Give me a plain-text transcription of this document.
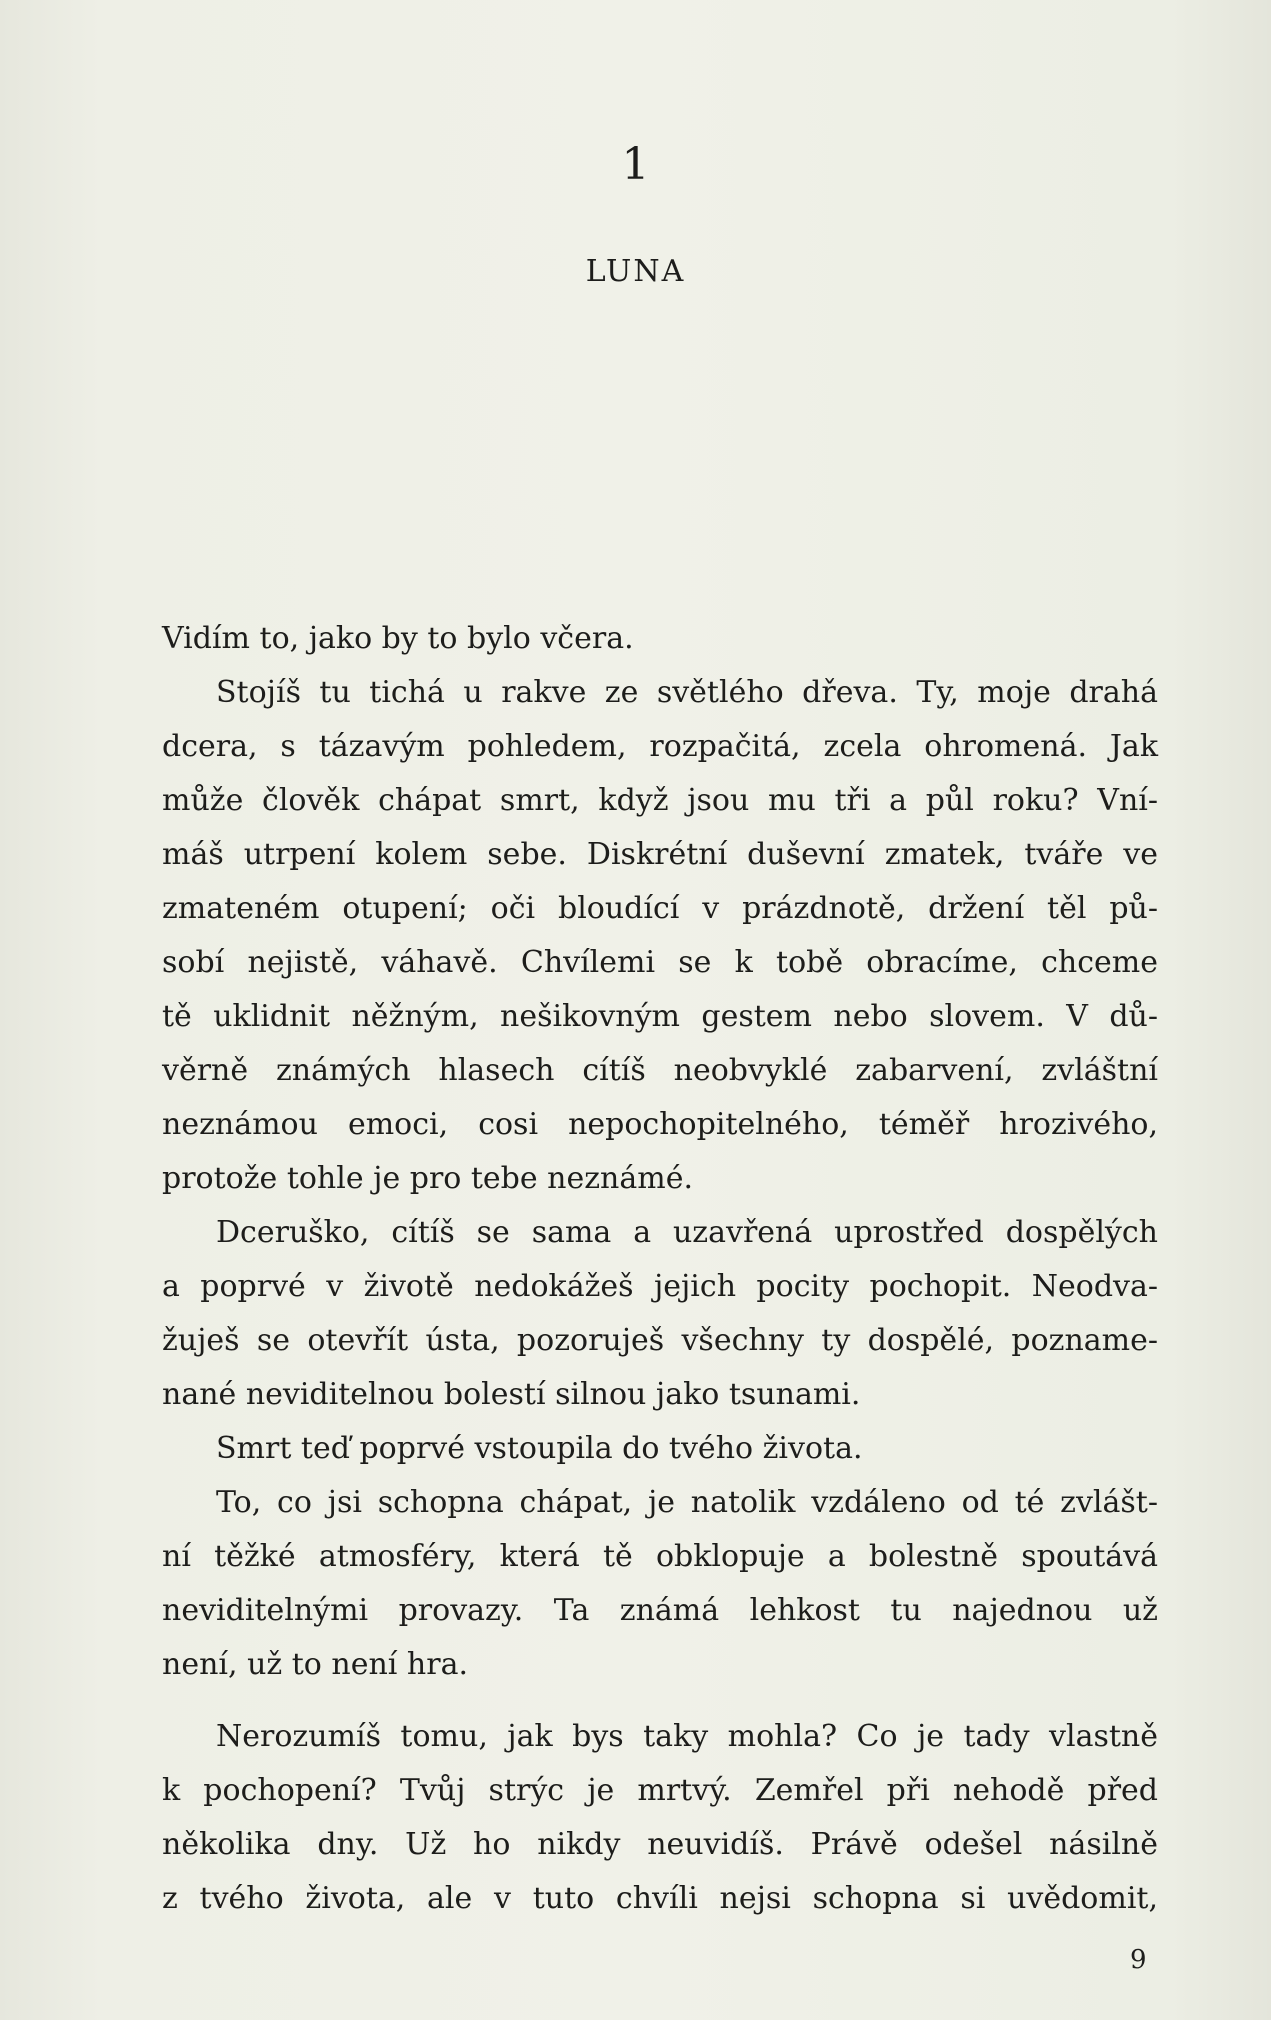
1
LUNA
Vidím to, jako by to bylo včera.
Stojíš tu tichá u rakve ze světlého dřeva. Ty, moje drahá
dcera, s tázavým pohledem, rozpačitá, zcela ohromená. Jak
může člověk chápat smrt, když jsou mu tři a půl roku? Vní-
máš utrpení kolem sebe. Diskrétní duševní zmatek, tváře ve
zmateném otupení; oči bloudící v prázdnotě, držení těl pů-
sobí nejistě, váhavě. Chvílemi se k tobě obracíme, chceme
tě uklidnit něžným, nešikovným gestem nebo slovem. V dů-
věrně známých hlasech cítíš neobvyklé zabarvení, zvláštní
neznámou emoci, cosi nepochopitelného, téměř hrozivého,
protože tohle je pro tebe neznámé.
Dceruško, cítíš se sama a uzavřená uprostřed dospělých
a poprvé v životě nedokážeš jejich pocity pochopit. Neodva-
žuješ se otevřít ústa, pozoruješ všechny ty dospělé, pozname-
nané neviditelnou bolestí silnou jako tsunami.
Smrt teď poprvé vstoupila do tvého života.
To, co jsi schopna chápat, je natolik vzdáleno od té zvlášt-
ní těžké atmosféry, která tě obklopuje a bolestně spoutává
neviditelnými provazy. Ta známá lehkost tu najednou už
není, už to není hra.
Nerozumíš tomu, jak bys taky mohla? Co je tady vlastně
k pochopení? Tvůj strýc je mrtvý. Zemřel při nehodě před
několika dny. Už ho nikdy neuvidíš. Právě odešel násilně
z tvého života, ale v tuto chvíli nejsi schopna si uvědomit,
9
